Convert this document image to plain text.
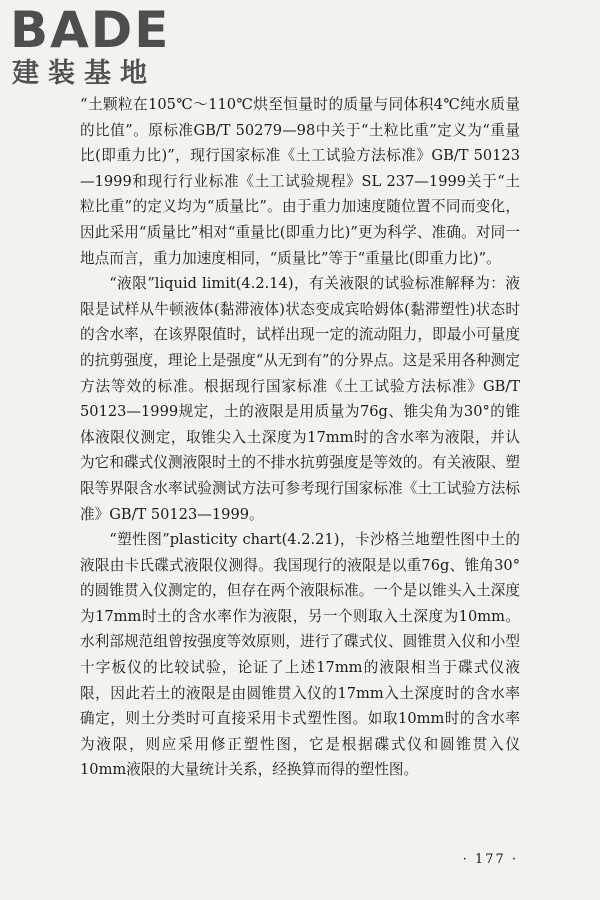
BADE
建装基地

“土颗粒在105℃～110℃烘至恒量时的质量与同体积4℃纯水质量的比值”。原标准GB/T 50279—98中关于“土粒比重”定义为“重量比(即重力比)”，现行国家标准《土工试验方法标准》GB/T 50123—1999和现行行业标准《土工试验规程》SL 237—1999关于“土粒比重”的定义均为“质量比”。由于重力加速度随位置不同而变化，因此采用“质量比”相对“重量比(即重力比)”更为科学、准确。对同一地点而言，重力加速度相同，“质量比”等于“重量比(即重力比)”。

“液限”liquid limit(4.2.14)，有关液限的试验标准解释为：液限是试样从牛顿液体(黏滞液体)状态变成宾哈姆体(黏滞塑性)状态时的含水率，在该界限值时，试样出现一定的流动阻力，即最小可量度的抗剪强度，理论上是强度“从无到有”的分界点。这是采用各种测定方法等效的标准。根据现行国家标准《土工试验方法标准》GB/T 50123—1999规定，土的液限是用质量为76g、锥尖角为30°的锥体液限仪测定，取锥尖入土深度为17mm时的含水率为液限，并认为它和碟式仪测液限时土的不排水抗剪强度是等效的。有关液限、塑限等界限含水率试验测试方法可参考现行国家标准《土工试验方法标准》GB/T 50123—1999。

“塑性图”plasticity chart(4.2.21)，卡沙格兰地塑性图中土的液限由卡氏碟式液限仪测得。我国现行的液限是以重76g、锥角30°的圆锥贯入仪测定的，但存在两个液限标准。一个是以锥头入土深度为17mm时土的含水率作为液限，另一个则取入土深度为10mm。水利部规范组曾按强度等效原则，进行了碟式仪、圆锥贯入仪和小型十字板仪的比较试验，论证了上述17mm的液限相当于碟式仪液限，因此若土的液限是由圆锥贯入仪的17mm入土深度时的含水率确定，则土分类时可直接采用卡式塑性图。如取10mm时的含水率为液限，则应采用修正塑性图，它是根据碟式仪和圆锥贯入仪10mm液限的大量统计关系，经换算而得的塑性图。

· 177 ·
